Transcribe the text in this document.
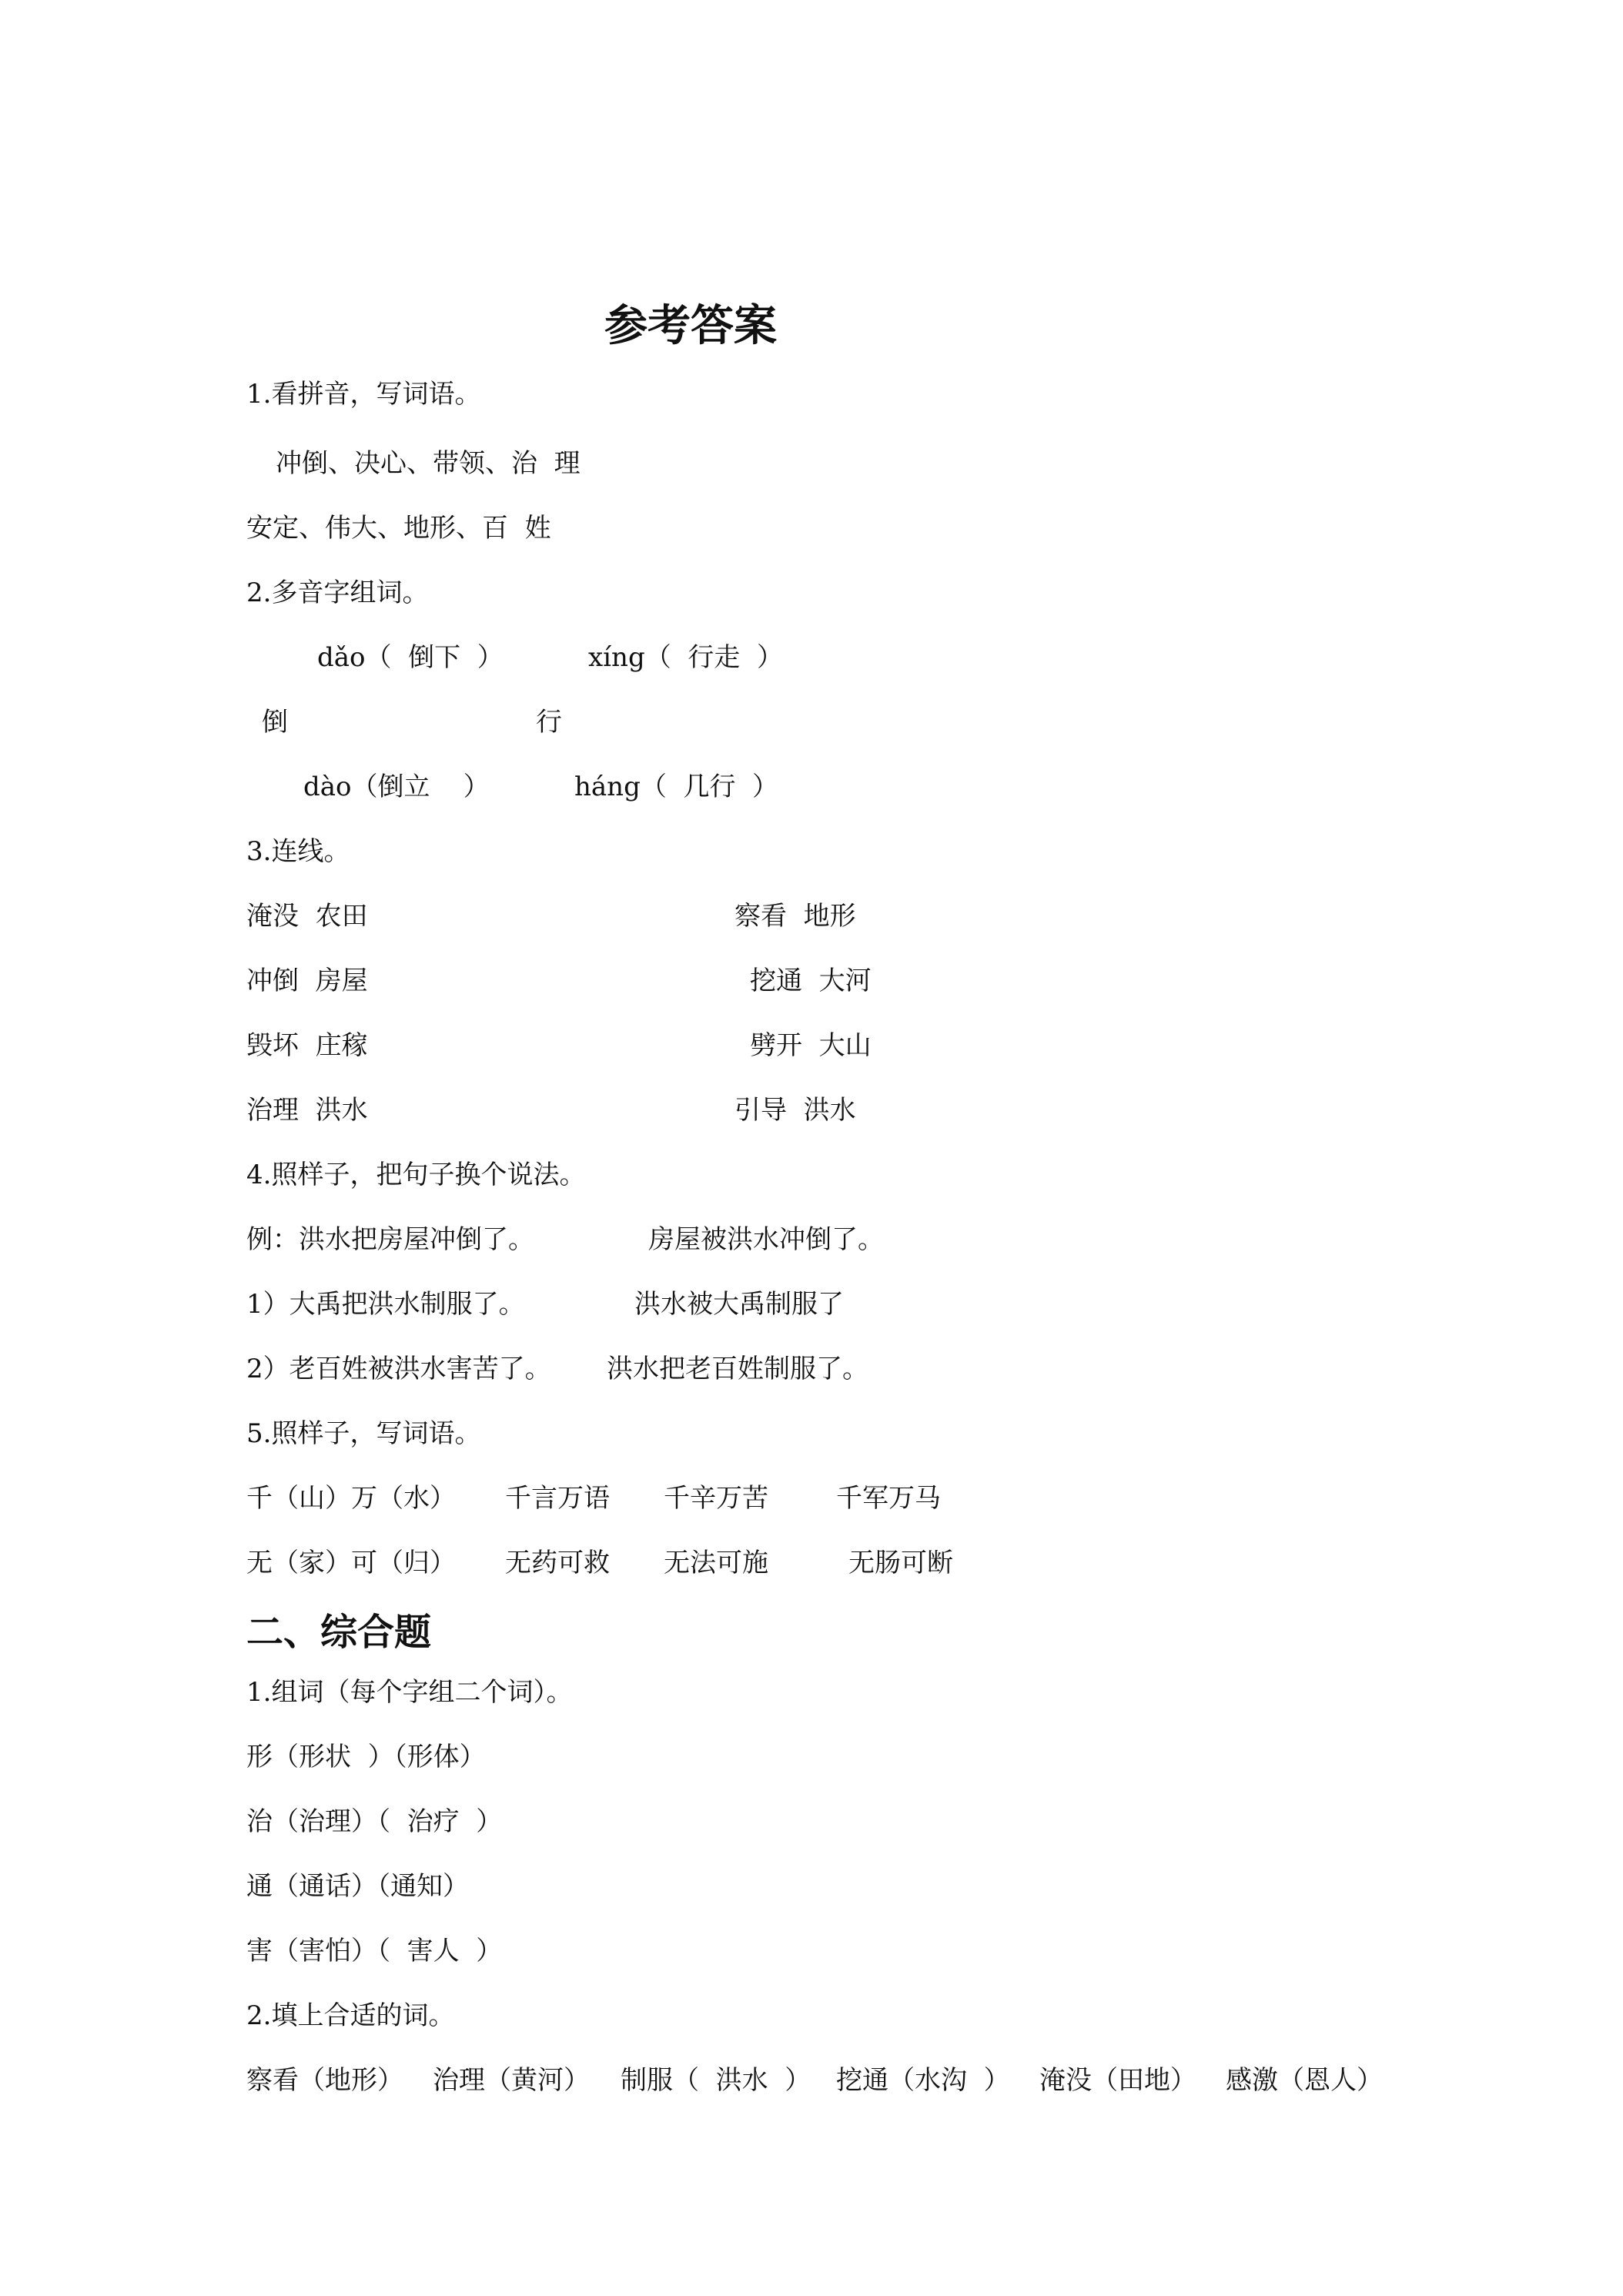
参考答案

1.看拼音，写词语。

冲倒、决心、带领、治  理

安定、伟大、地形、百  姓

2.多音字组词。

dǎo（  倒下  ）	xíng（  行走  ）

倒	行

dào（倒立    ）	háng（  几行  ）

3.连线。

淹没  农田	察看  地形

冲倒  房屋	挖通  大河

毁坏  庄稼	劈开  大山

治理  洪水	引导  洪水

4.照样子，把句子换个说法。

例：洪水把房屋冲倒了。	房屋被洪水冲倒了。

1）大禹把洪水制服了。	洪水被大禹制服了

2）老百姓被洪水害苦了。 洪水把老百姓制服了。

5.照样子，写词语。

千（山）万（水） 千言万语 千辛万苦	千军万马

无（家）可（归） 无药可救 无法可施	无肠可断

二、综合题

1.组词（每个字组二个词）。

形（形状  ）（形体）

治（治理）（  治疗  ）

通（通话）（通知）

害（害怕）（  害人  ）

2.填上合适的词。

察看（地形） 治理（黄河） 制服（  洪水  ） 挖通（水沟  ） 淹没（田地） 感激（恩人）
